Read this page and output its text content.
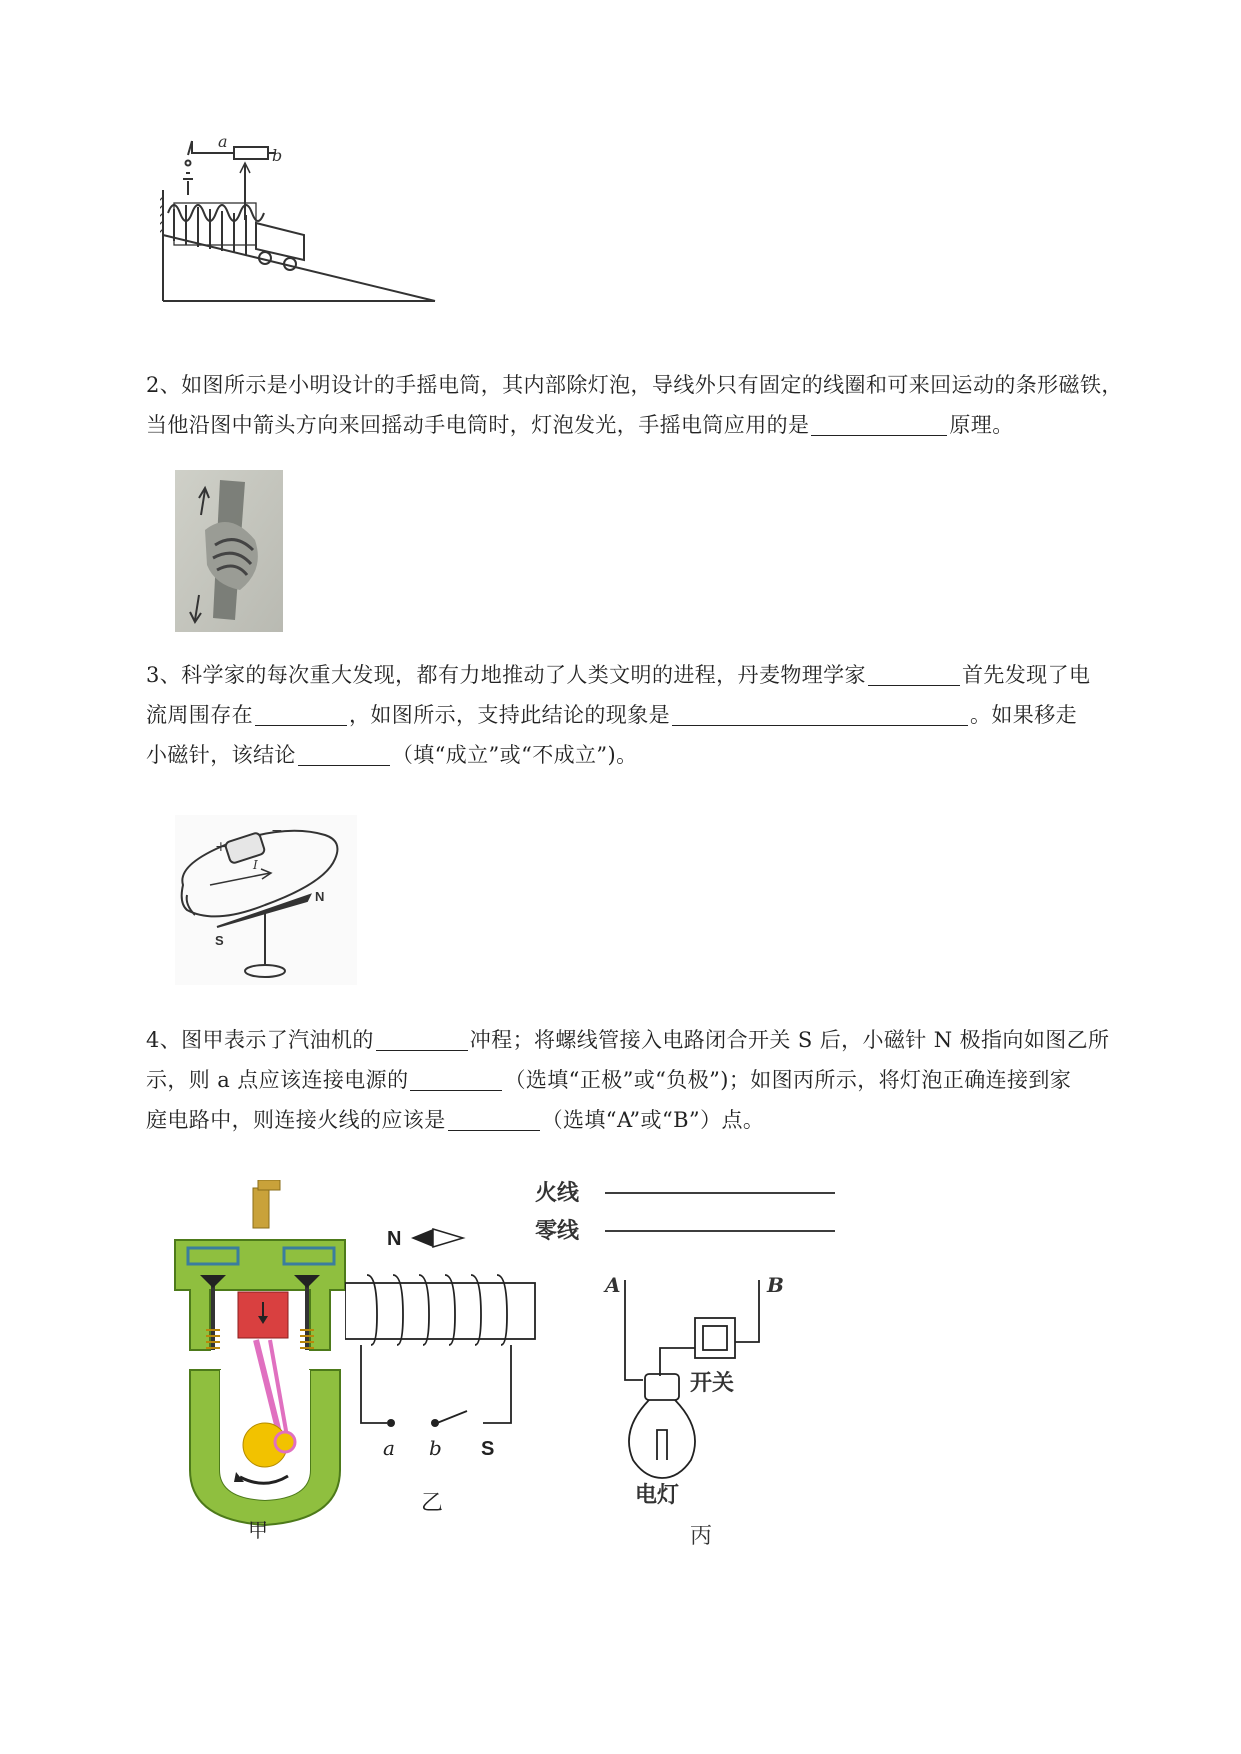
a
b
2、如图所示是小明设计的手摇电筒，其内部除灯泡，导线外只有固定的线圈和可来回运动的条形磁铁，
当他沿图中箭头方向来回摇动手电筒时，灯泡发光，手摇电筒应用的是	原理。
3、科学家的每次重大发现，都有力地推动了人类文明的进程，丹麦物理学家	首先发现了电
流周围存在	，如图所示，支持此结论的现象是	。如果移走
小磁针，该结论	（填“成立”或“不成立”)。
+
−
I
N
S
4、图甲表示了汽油机的	冲程；将螺线管接入电路闭合开关 S 后，小磁针 N 极指向如图乙所
示，则 a 点应该连接电源的	（选填“正极”或“负极”)；如图丙所示，将灯泡正确连接到家
庭电路中，则连接火线的应该是	（选填“A”或“B”）点。
甲
N
a b S
乙
火线
零线
A	B
开关
电灯
丙
